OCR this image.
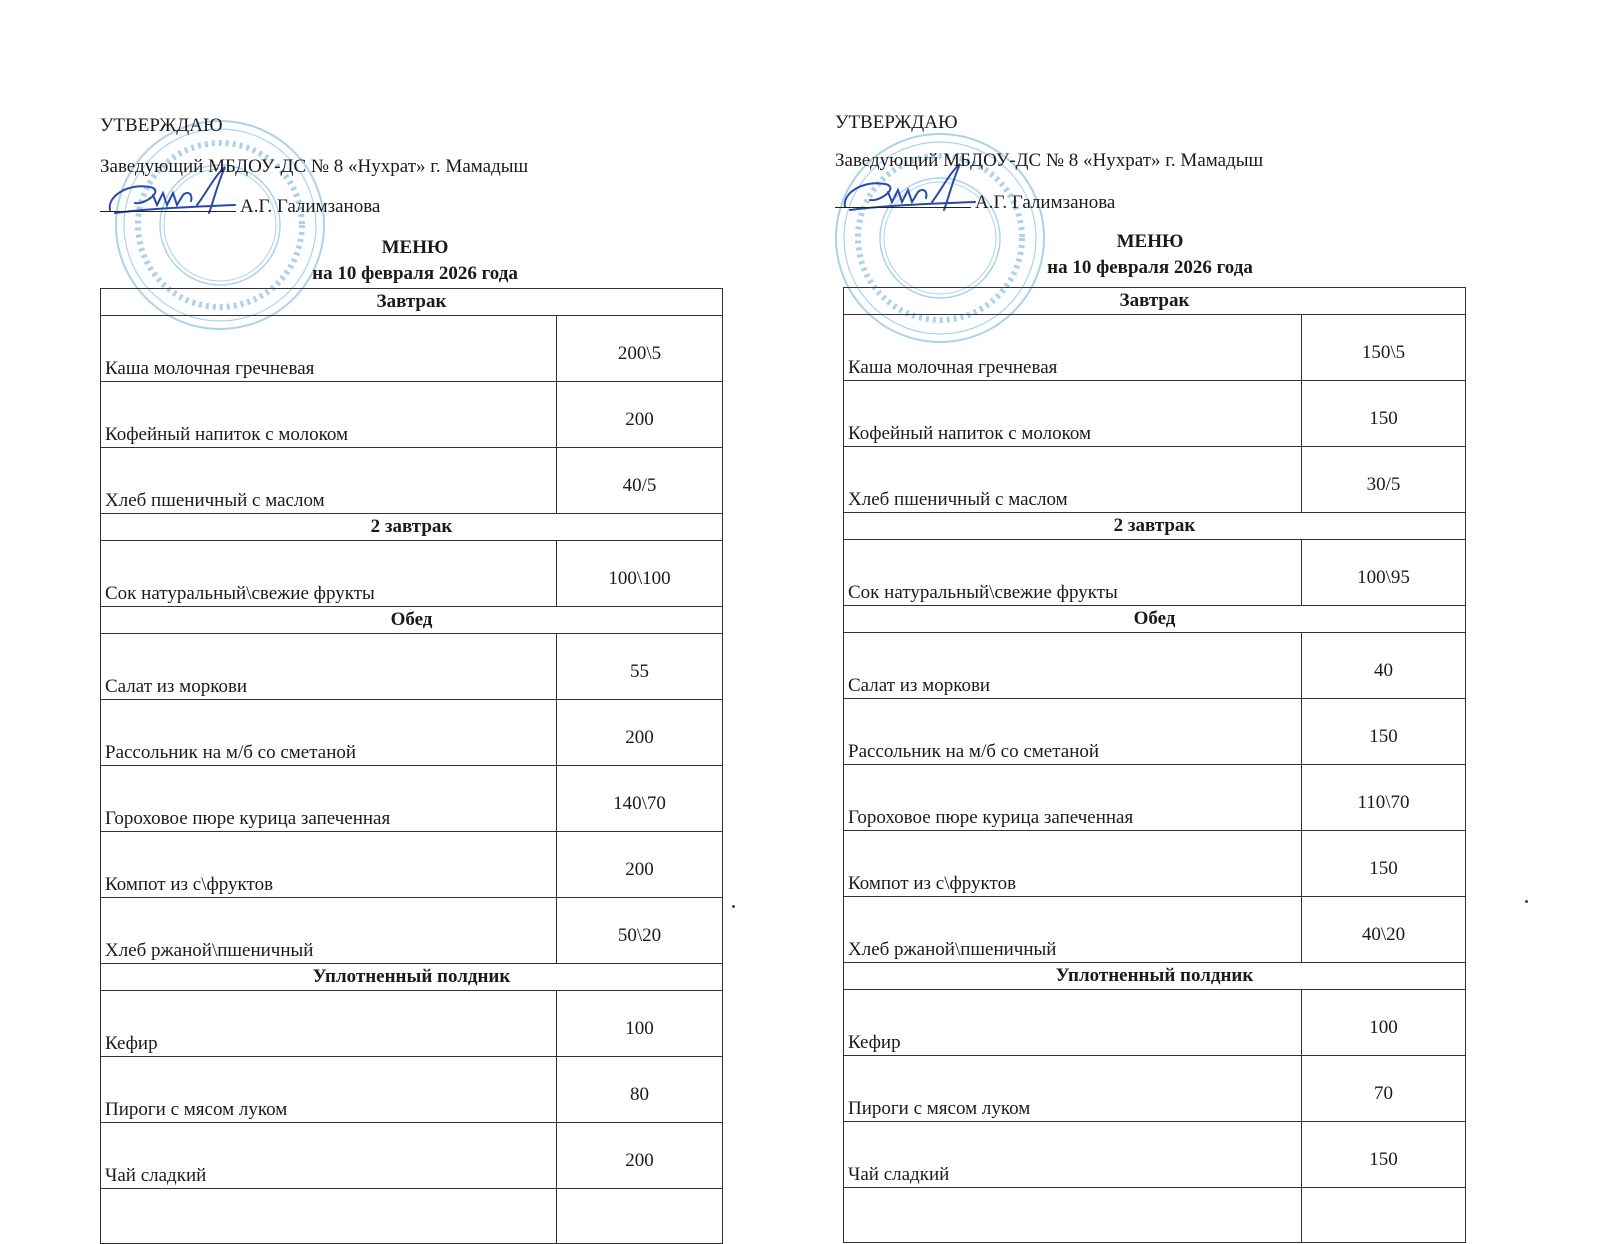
УТВЕРЖДАЮ
Заведующий МБДОУ-ДС № 8 «Нухрат» г. Мамадыш
А.Г. Галимзанова
МЕНЮ
на 10 февраля 2026 года
Завтрак	
Каша молочная гречневая	200\5
Кофейный напиток с молоком	200
Хлеб пшеничный с маслом	40/5
2 завтрак	
Сок натуральный\свежие фрукты	100\100
Обед	
Салат из моркови	55
Рассольник на м/б со сметаной	200
Гороховое пюре курица запеченная	140\70
Компот из с\фруктов	200
Хлеб ржаной\пшеничный	50\20
Уплотненный полдник	
Кефир	100
Пироги с мясом луком	80
Чай сладкий	200

УТВЕРЖДАЮ
Заведующий МБДОУ-ДС № 8 «Нухрат» г. Мамадыш
А.Г. Галимзанова
МЕНЮ
на 10 февраля 2026 года
Завтрак	
Каша молочная гречневая	150\5
Кофейный напиток с молоком	150
Хлеб пшеничный с маслом	30/5
2 завтрак	
Сок натуральный\свежие фрукты	100\95
Обед	
Салат из моркови	40
Рассольник на м/б со сметаной	150
Гороховое пюре курица запеченная	110\70
Компот из с\фруктов	150
Хлеб ржаной\пшеничный	40\20
Уплотненный полдник	
Кефир	100
Пироги с мясом луком	70
Чай сладкий	150
